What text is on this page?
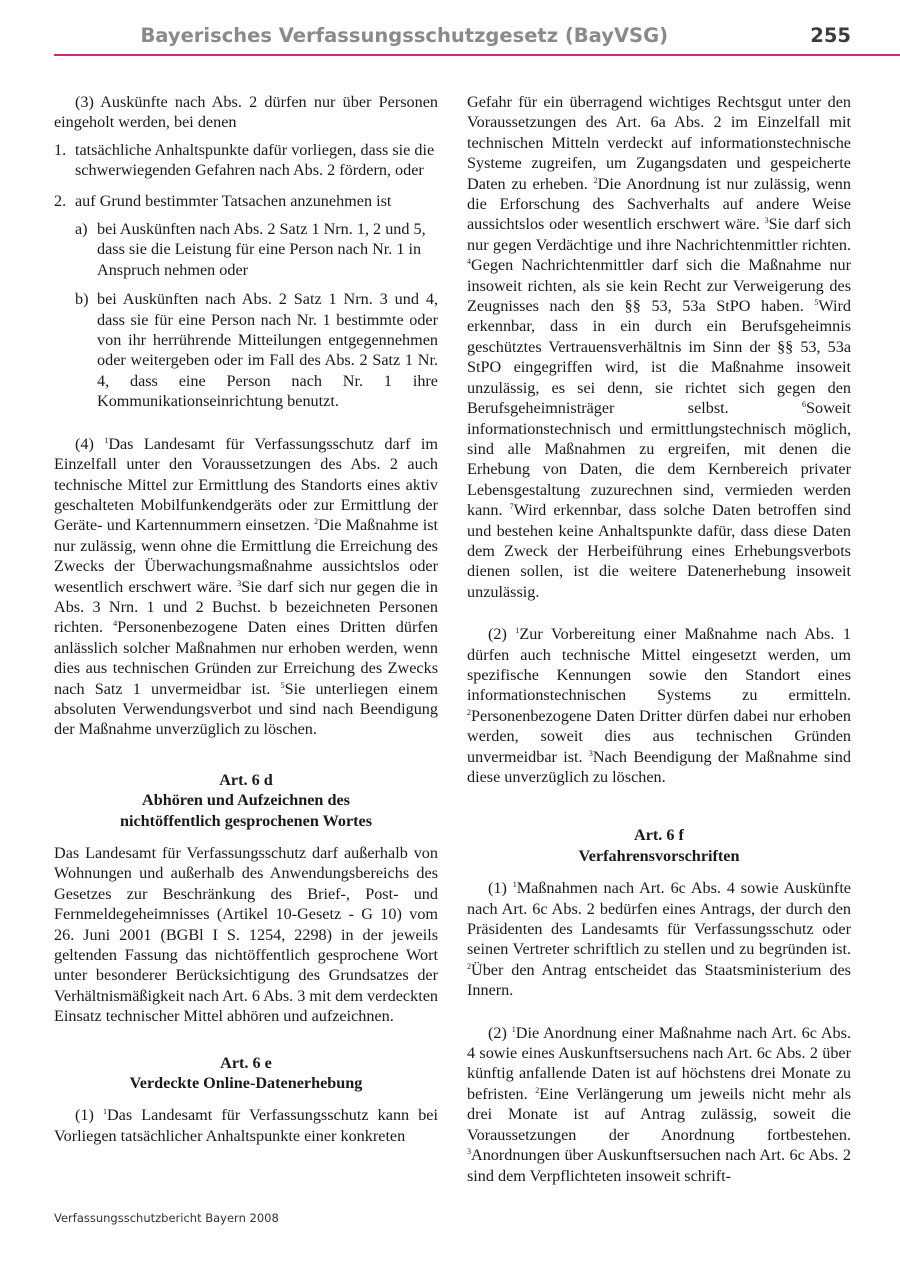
Bayerisches Verfassungsschutzgesetz (BayVSG)	255

(3) Auskünfte nach Abs. 2 dürfen nur über Personen eingeholt werden, bei denen

1. tatsächliche Anhaltspunkte dafür vorliegen, dass sie die schwerwiegenden Gefahren nach Abs. 2 fördern, oder
2. auf Grund bestimmter Tatsachen anzunehmen ist
a) bei Auskünften nach Abs. 2 Satz 1 Nrn. 1, 2 und 5, dass sie die Leistung für eine Person nach Nr. 1 in Anspruch nehmen oder
b) bei Auskünften nach Abs. 2 Satz 1 Nrn. 3 und 4, dass sie für eine Person nach Nr. 1 bestimmte oder von ihr herrührende Mitteilungen entgegennehmen oder weitergeben oder im Fall des Abs. 2 Satz 1 Nr. 4, dass eine Person nach Nr. 1 ihre Kommunikationseinrichtung benutzt.

(4) $^1$Das Landesamt für Verfassungsschutz darf im Einzelfall unter den Voraussetzungen des Abs. 2 auch technische Mittel zur Ermittlung des Standorts eines aktiv geschalteten Mobilfunkendgeräts oder zur Ermittlung der Geräte- und Kartennummern einsetzen. $^2$Die Maßnahme ist nur zulässig, wenn ohne die Ermittlung die Erreichung des Zwecks der Überwachungsmaßnahme aussichtslos oder wesentlich erschwert wäre. $^3$Sie darf sich nur gegen die in Abs. 3 Nrn. 1 und 2 Buchst. b bezeichneten Personen richten. $^4$Personenbezogene Daten eines Dritten dürfen anlässlich solcher Maßnahmen nur erhoben werden, wenn dies aus technischen Gründen zur Erreichung des Zwecks nach Satz 1 unvermeidbar ist. $^5$Sie unterliegen einem absoluten Verwendungsverbot und sind nach Beendigung der Maßnahme unverzüglich zu löschen.

Art. 6 d
Abhören und Aufzeichnen des
nichtöffentlich gesprochenen Wortes

Das Landesamt für Verfassungsschutz darf außerhalb von Wohnungen und außerhalb des Anwendungsbereichs des Gesetzes zur Beschränkung des Brief-, Post- und Fernmeldegeheimnisses (Artikel 10-Gesetz - G 10) vom 26. Juni 2001 (BGBl I S. 1254, 2298) in der jeweils geltenden Fassung das nichtöffentlich gesprochene Wort unter besonderer Berücksichtigung des Grundsatzes der Verhältnismäßigkeit nach Art. 6 Abs. 3 mit dem verdeckten Einsatz technischer Mittel abhören und aufzeichnen.

Art. 6 e
Verdeckte Online-Datenerhebung

(1) $^1$Das Landesamt für Verfassungsschutz kann bei Vorliegen tatsächlicher Anhaltspunkte einer konkreten

Gefahr für ein überragend wichtiges Rechtsgut unter den Voraussetzungen des Art. 6a Abs. 2 im Einzelfall mit technischen Mitteln verdeckt auf informationstechnische Systeme zugreifen, um Zugangsdaten und gespeicherte Daten zu erheben. $^2$Die Anordnung ist nur zulässig, wenn die Erforschung des Sachverhalts auf andere Weise aussichtslos oder wesentlich erschwert wäre. $^3$Sie darf sich nur gegen Verdächtige und ihre Nachrichtenmittler richten. $^4$Gegen Nachrichtenmittler darf sich die Maßnahme nur insoweit richten, als sie kein Recht zur Verweigerung des Zeugnisses nach den §§ 53, 53a StPO haben. $^5$Wird erkennbar, dass in ein durch ein Berufsgeheimnis geschütztes Vertrauensverhältnis im Sinn der §§ 53, 53a StPO eingegriffen wird, ist die Maßnahme insoweit unzulässig, es sei denn, sie richtet sich gegen den Berufsgeheimnisträger selbst. $^6$Soweit informationstechnisch und ermittlungstechnisch möglich, sind alle Maßnahmen zu ergreifen, mit denen die Erhebung von Daten, die dem Kernbereich privater Lebensgestaltung zuzurechnen sind, vermieden werden kann. $^7$Wird erkennbar, dass solche Daten betroffen sind und bestehen keine Anhaltspunkte dafür, dass diese Daten dem Zweck der Herbeiführung eines Erhebungsverbots dienen sollen, ist die weitere Datenerhebung insoweit unzulässig.

(2) $^1$Zur Vorbereitung einer Maßnahme nach Abs. 1 dürfen auch technische Mittel eingesetzt werden, um spezifische Kennungen sowie den Standort eines informationstechnischen Systems zu ermitteln. $^2$Personenbezogene Daten Dritter dürfen dabei nur erhoben werden, soweit dies aus technischen Gründen unvermeidbar ist. $^3$Nach Beendigung der Maßnahme sind diese unverzüglich zu löschen.

Art. 6 f
Verfahrensvorschriften

(1) $^1$Maßnahmen nach Art. 6c Abs. 4 sowie Auskünfte nach Art. 6c Abs. 2 bedürfen eines Antrags, der durch den Präsidenten des Landesamts für Verfassungsschutz oder seinen Vertreter schriftlich zu stellen und zu begründen ist. $^2$Über den Antrag entscheidet das Staatsministerium des Innern.

(2) $^1$Die Anordnung einer Maßnahme nach Art. 6c Abs. 4 sowie eines Auskunftsersuchens nach Art. 6c Abs. 2 über künftig anfallende Daten ist auf höchstens drei Monate zu befristen. $^2$Eine Verlängerung um jeweils nicht mehr als drei Monate ist auf Antrag zulässig, soweit die Voraussetzungen der Anordnung fortbestehen. $^3$Anordnungen über Auskunftsersuchen nach Art. 6c Abs. 2 sind dem Verpflichteten insoweit schrift-

Verfassungsschutzbericht Bayern 2008
